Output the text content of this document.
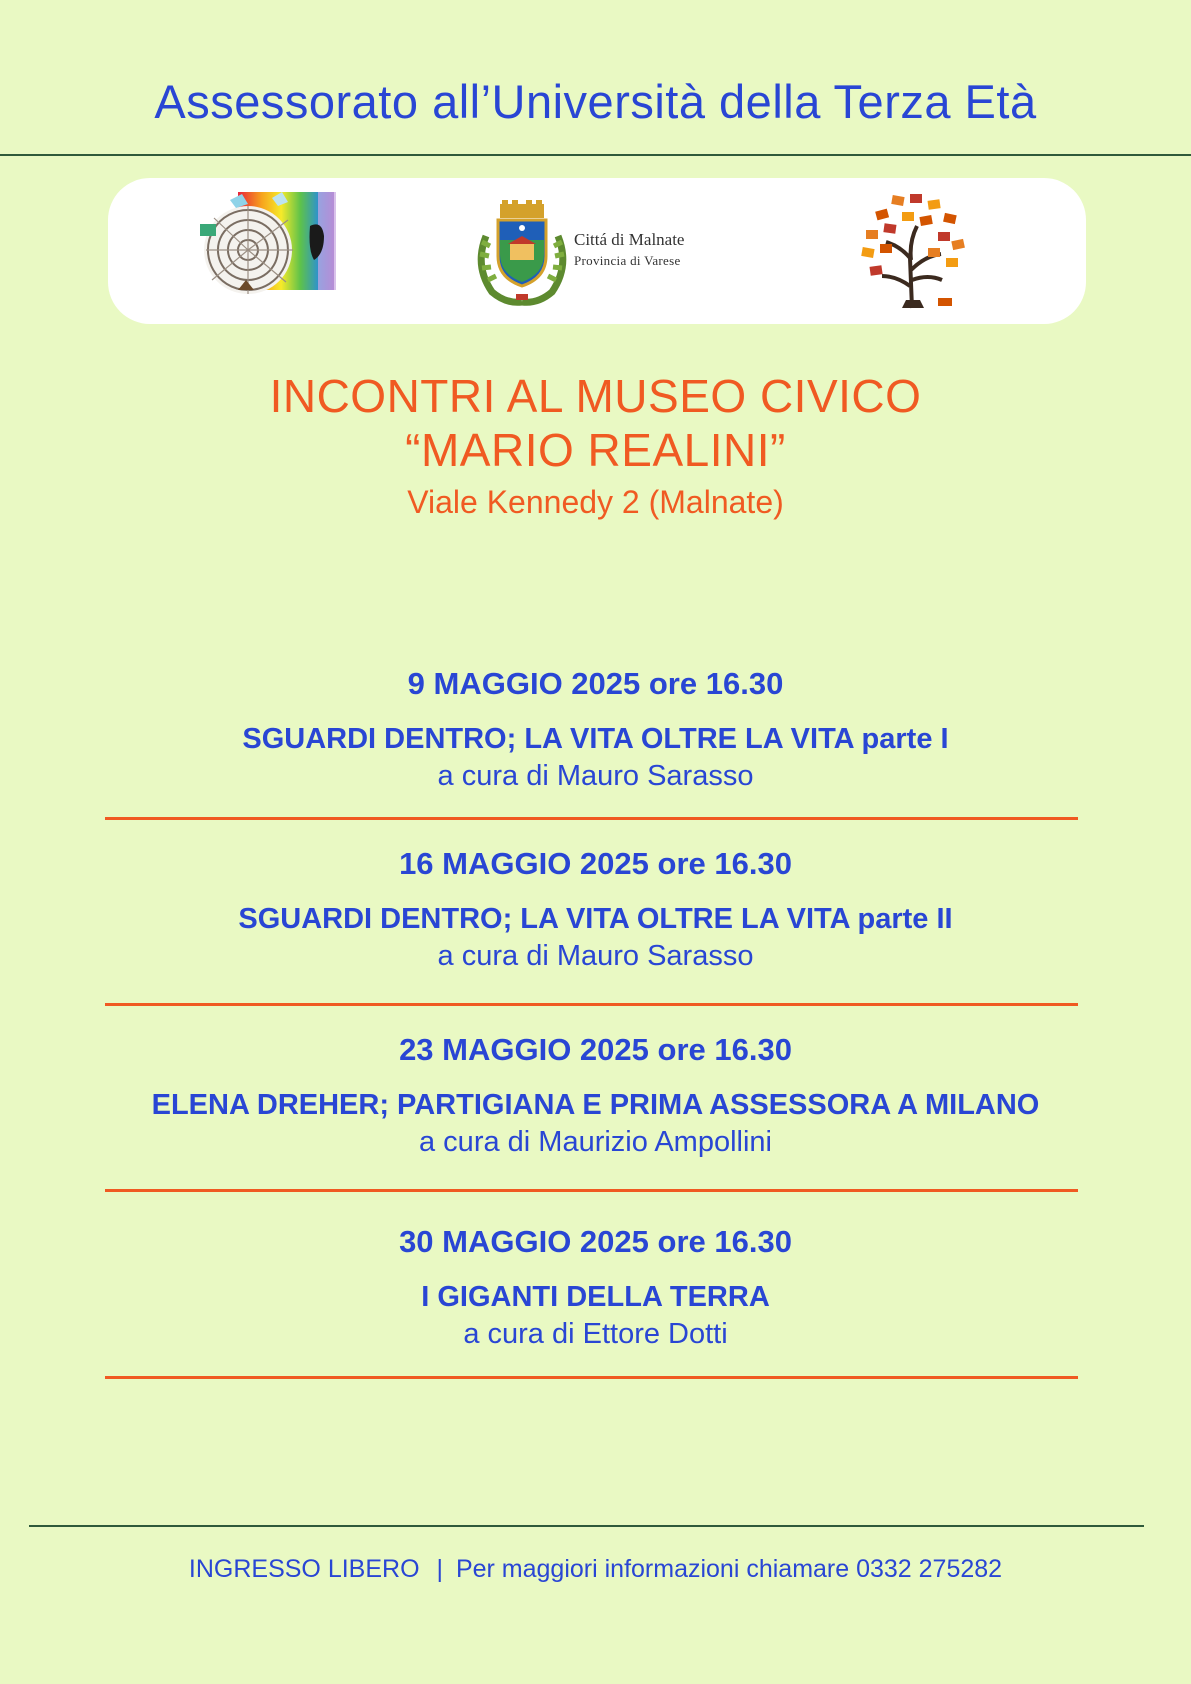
Assessorato all’Università della Terza Età
Cittá di Malnate
Provincia di Varese
INCONTRI AL MUSEO CIVICO
“MARIO REALINI”
Viale Kennedy 2 (Malnate)
9 MAGGIO 2025 ore 16.30
SGUARDI DENTRO; LA VITA OLTRE LA VITA parte I
a cura di Mauro Sarasso
16 MAGGIO 2025 ore 16.30
SGUARDI DENTRO; LA VITA OLTRE LA VITA parte II
a cura di Mauro Sarasso
23 MAGGIO 2025 ore 16.30
ELENA DREHER; PARTIGIANA E PRIMA ASSESSORA A MILANO
a cura di Maurizio Ampollini
30 MAGGIO 2025 ore 16.30
I GIGANTI DELLA TERRA
a cura di Ettore Dotti
INGRESSO LIBERO | Per maggiori informazioni chiamare 0332 275282
